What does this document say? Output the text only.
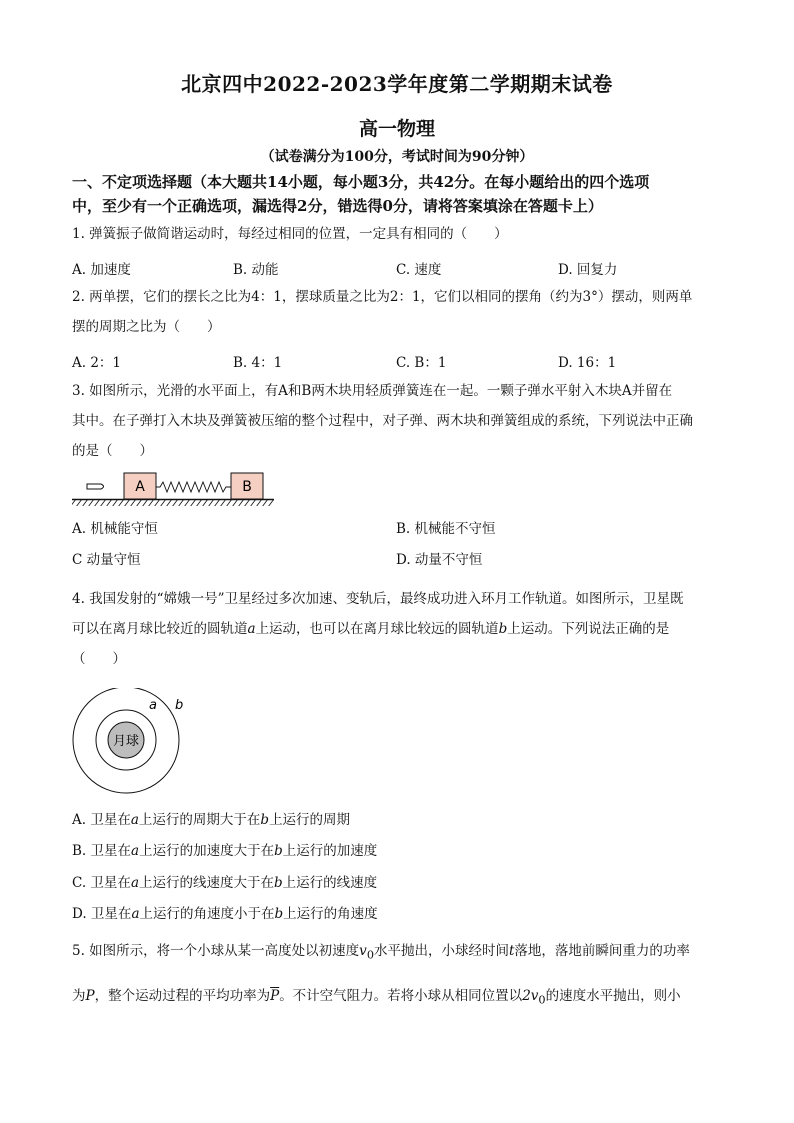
北京四中2022-2023学年度第二学期期末试卷
高一物理
（试卷满分为100分，考试时间为90分钟）
一、不定项选择题（本大题共14小题，每小题3分，共42分。在每小题给出的四个选项
中，至少有一个正确选项，漏选得2分，错选得0分，请将答案填涂在答题卡上）
1. 弹簧振子做简谐运动时，每经过相同的位置，一定具有相同的（　　）
A. 加速度	B. 动能	C. 速度	D. 回复力
2. 两单摆，它们的摆长之比为4：1，摆球质量之比为2：1，它们以相同的摆角（约为3°）摆动，则两单
摆的周期之比为（　　）
A. 2：1	B. 4：1	C. B：1	D. 16：1
3. 如图所示，光滑的水平面上，有A和B两木块用轻质弹簧连在一起。一颗子弹水平射入木块A并留在
其中。在子弹打入木块及弹簧被压缩的整个过程中，对子弹、两木块和弹簧组成的系统，下列说法中正确
的是（　　）
A	B
A. 机械能守恒	B. 机械能不守恒
C 动量守恒	D. 动量不守恒
4. 我国发射的“嫦娥一号”卫星经过多次加速、变轨后，最终成功进入环月工作轨道。如图所示，卫星既
可以在离月球比较近的圆轨道a上运动，也可以在离月球比较远的圆轨道b上运动。下列说法正确的是
（　　）
月球
a b
A. 卫星在a上运行的周期大于在b上运行的周期
B. 卫星在a上运行的加速度大于在b上运行的加速度
C. 卫星在a上运行的线速度大于在b上运行的线速度
D. 卫星在a上运行的角速度小于在b上运行的角速度
5. 如图所示，将一个小球从某一高度处以初速度$v_0$水平抛出，小球经时间t落地，落地前瞬间重力的功率
为P，整个运动过程的平均功率为$\overline{P}$。不计空气阻力。若将小球从相同位置以$2v_0$的速度水平抛出，则小
